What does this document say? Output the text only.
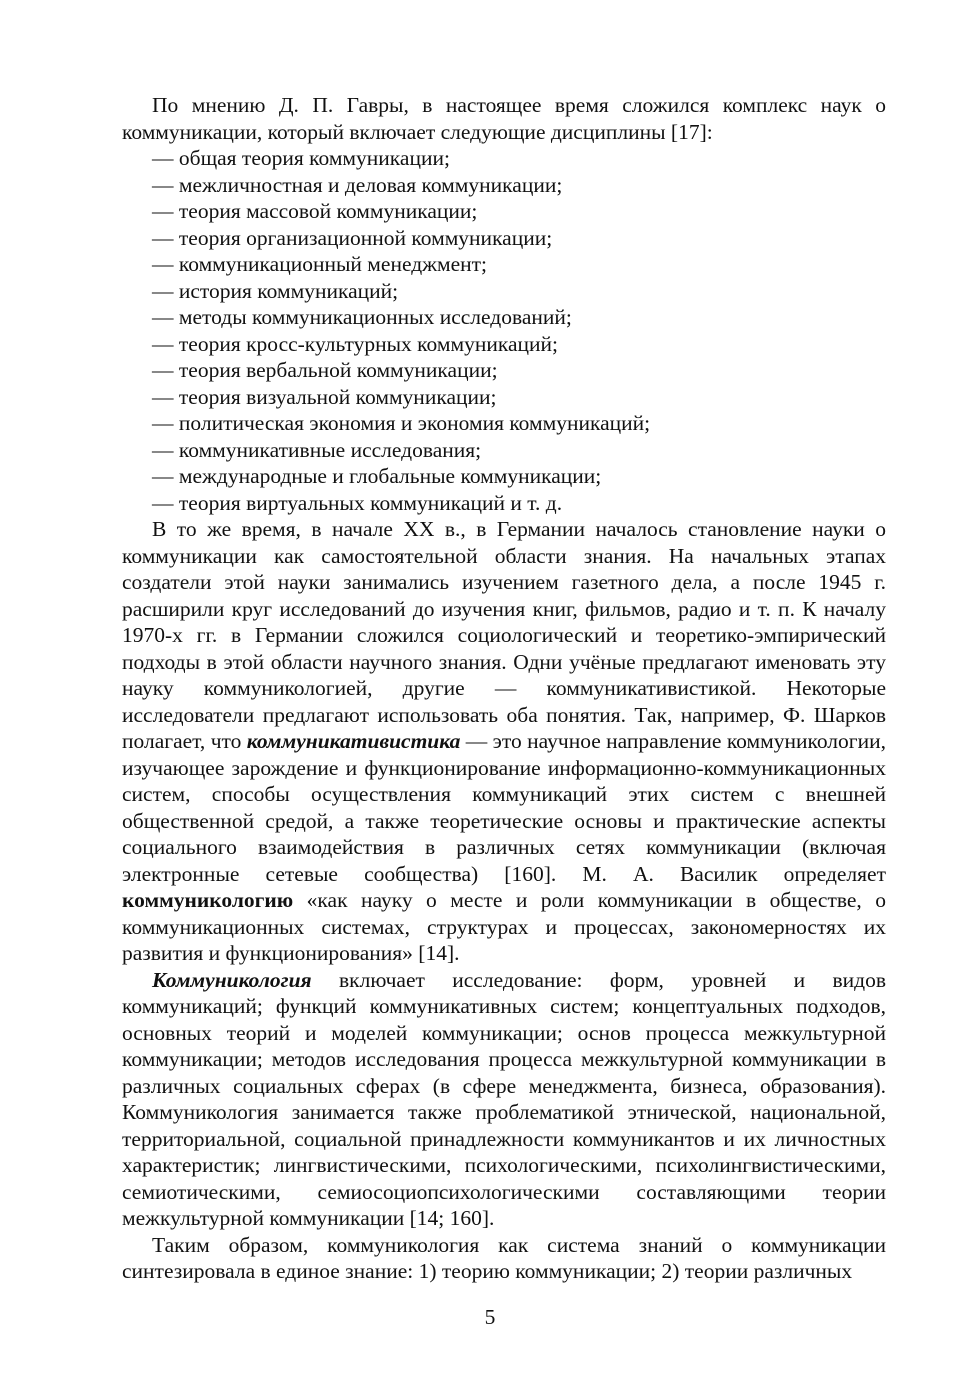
По мнению Д. П. Гавры, в настоящее время сложился комплекс наук о коммуникации, который включает следующие дисциплины [17]:

— общая теория коммуникации;
— межличностная и деловая коммуникации;
— теория массовой коммуникации;
— теория организационной коммуникации;
— коммуникационный менеджмент;
— история коммуникаций;
— методы коммуникационных исследований;
— теория кросс-культурных коммуникаций;
— теория вербальной коммуникации;
— теория визуальной коммуникации;
— политическая экономия и экономия коммуникаций;
— коммуникативные исследования;
— международные и глобальные коммуникации;
— теория виртуальных коммуникаций и т. д.

В то же время, в начале XX в., в Германии началось становление науки о коммуникации как самостоятельной области знания. На начальных этапах создатели этой науки занимались изучением газетного дела, а после 1945 г. расширили круг исследований до изучения книг, фильмов, радио и т. п. К началу 1970-х гг. в Германии сложился социологический и теоретико-эмпирический подходы в этой области научного знания. Одни учёные предлагают именовать эту науку коммуникологией, другие — коммуникативистикой. Некоторые исследователи предлагают использовать оба понятия. Так, например, Ф. Шарков полагает, что коммуникативистика — это научное направление коммуникологии, изучающее зарождение и функционирование информационно-коммуникационных систем, способы осуществления коммуникаций этих систем с внешней общественной средой, а также теоретические основы и практические аспекты социального взаимодействия в различных сетях коммуникации (включая электронные сетевые сообщества) [160]. М. А. Василик определяет коммуникологию «как науку о месте и роли коммуникации в обществе, о коммуникационных системах, структурах и процессах, закономерностях их развития и функционирования» [14].

Коммуникология включает исследование: форм, уровней и видов коммуникаций; функций коммуникативных систем; концептуальных подходов, основных теорий и моделей коммуникации; основ процесса межкультурной коммуникации; методов исследования процесса межкультурной коммуникации в различных социальных сферах (в сфере менеджмента, бизнеса, образования). Коммуникология занимается также проблематикой этнической, национальной, территориальной, социальной принадлежности коммуникантов и их личностных характеристик; лингвистическими, психологическими, психолингвистическими, семиотическими, семиосоциопсихологическими составляющими теории межкультурной коммуникации [14; 160].

Таким образом, коммуникология как система знаний о коммуникации синтезировала в единое знание: 1) теорию коммуникации; 2) теории различных

5
